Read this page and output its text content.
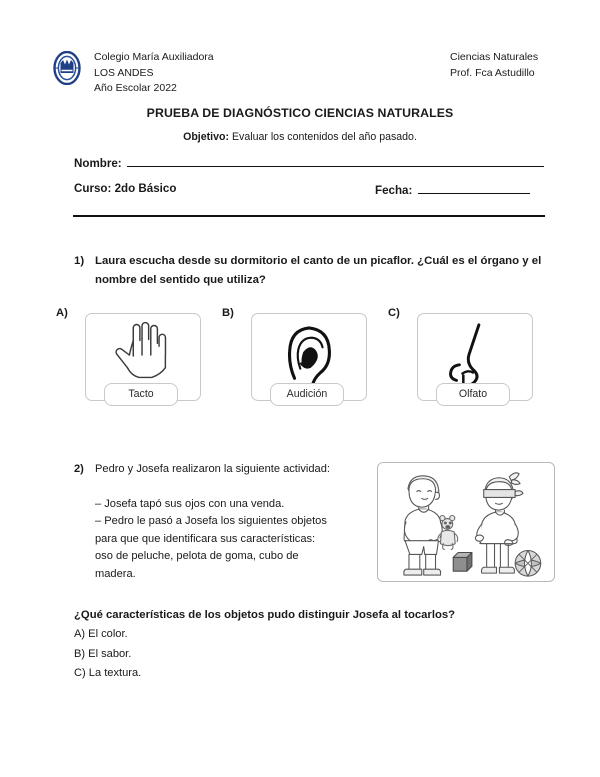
Colegio María Auxiliadora
LOS ANDES
Año Escolar 2022
Ciencias Naturales
Prof. Fca Astudillo
PRUEBA DE DIAGNÓSTICO CIENCIAS NATURALES
Objetivo: Evaluar los contenidos del año pasado.
Nombre:
Curso: 2do Básico	Fecha:
1) Laura escucha desde su dormitorio el canto de un picaflor. ¿Cuál es el órgano y el nombre del sentido que utiliza?
A)
Tacto
B)
Audición
C)
Olfato
2) Pedro y Josefa realizaron la siguiente actividad:
– Josefa tapó sus ojos con una venda.
– Pedro le pasó a Josefa los siguientes objetos
para que que identificara sus características:
oso de peluche, pelota de goma, cubo de
madera.
¿Qué características de los objetos pudo distinguir Josefa al tocarlos?
A) El color.
B) El sabor.
C) La textura.
